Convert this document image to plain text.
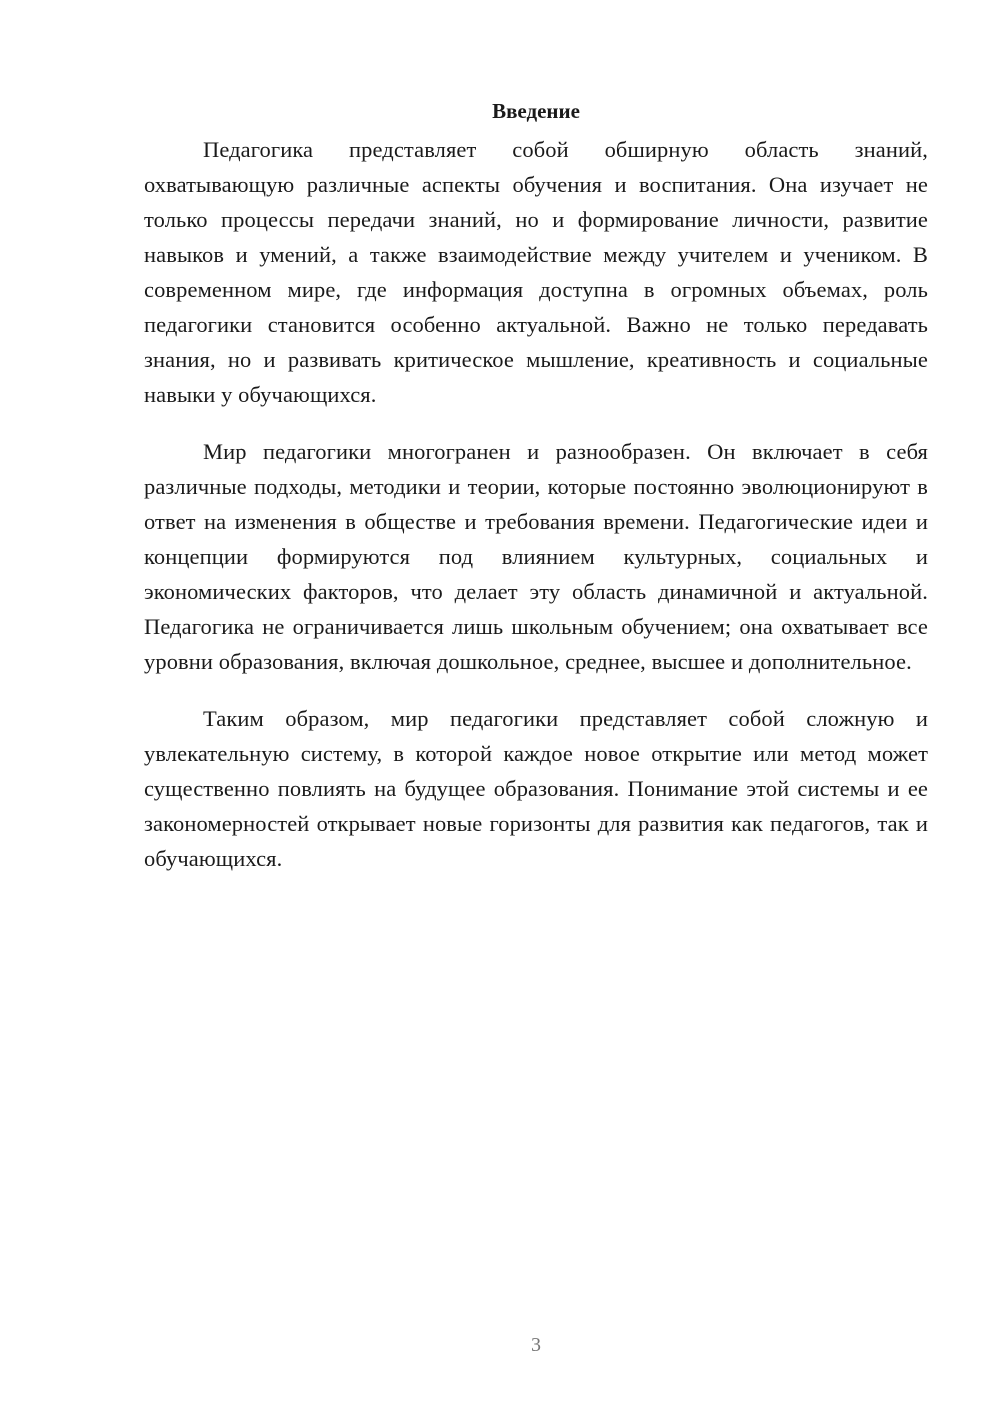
Введение

Педагогика представляет собой обширную область знаний, охватывающую различные аспекты обучения и воспитания. Она изучает не только процессы передачи знаний, но и формирование личности, развитие навыков и умений, а также взаимодействие между учителем и учеником. В современном мире, где информация доступна в огромных объемах, роль педагогики становится особенно актуальной. Важно не только передавать знания, но и развивать критическое мышление, креативность и социальные навыки у обучающихся.

Мир педагогики многогранен и разнообразен. Он включает в себя различные подходы, методики и теории, которые постоянно эволюционируют в ответ на изменения в обществе и требования времени. Педагогические идеи и концепции формируются под влиянием культурных, социальных и экономических факторов, что делает эту область динамичной и актуальной. Педагогика не ограничивается лишь школьным обучением; она охватывает все уровни образования, включая дошкольное, среднее, высшее и дополнительное.

Таким образом, мир педагогики представляет собой сложную и увлекательную систему, в которой каждое новое открытие или метод может существенно повлиять на будущее образования. Понимание этой системы и ее закономерностей открывает новые горизонты для развития как педагогов, так и обучающихся.

3
